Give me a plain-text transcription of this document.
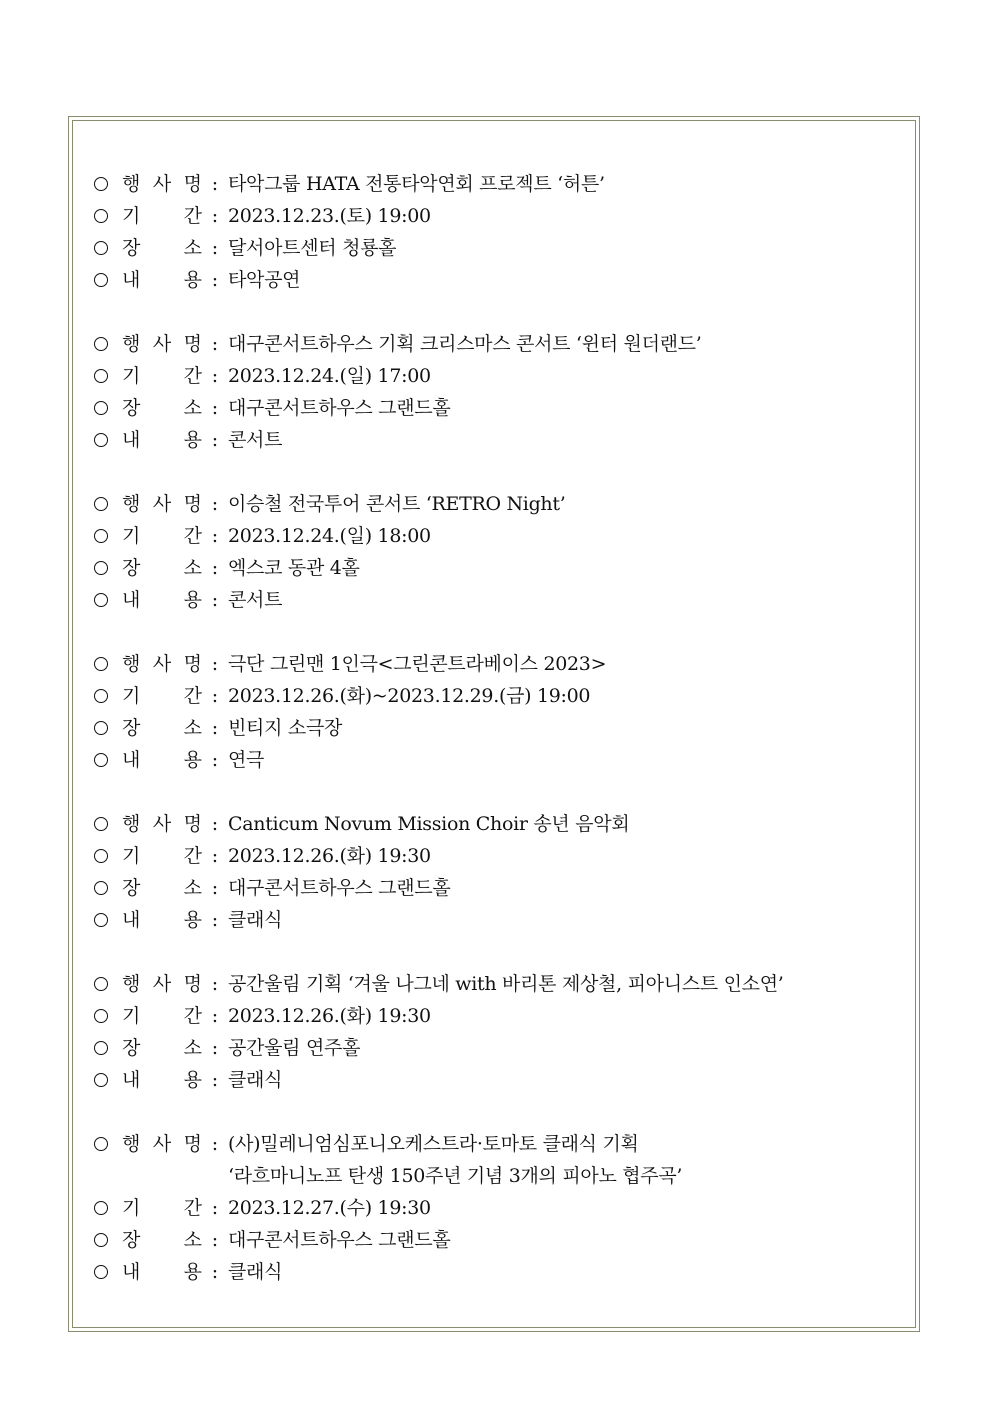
행 사 명 : 타악그룹 HATA 전통타악연회 프로젝트 ‘허튼’
기 간 : 2023.12.23.(토) 19:00
장 소 : 달서아트센터 청룡홀
내 용 : 타악공연
행 사 명 : 대구콘서트하우스 기획 크리스마스 콘서트 ‘윈터 원더랜드’
기 간 : 2023.12.24.(일) 17:00
장 소 : 대구콘서트하우스 그랜드홀
내 용 : 콘서트
행 사 명 : 이승철 전국투어 콘서트 ‘RETRO Night’
기 간 : 2023.12.24.(일) 18:00
장 소 : 엑스코 동관 4홀
내 용 : 콘서트
행 사 명 : 극단 그린맨 1인극<그린콘트라베이스 2023>
기 간 : 2023.12.26.(화)~2023.12.29.(금) 19:00
장 소 : 빈티지 소극장
내 용 : 연극
행 사 명 : Canticum Novum Mission Choir 송년 음악회
기 간 : 2023.12.26.(화) 19:30
장 소 : 대구콘서트하우스 그랜드홀
내 용 : 클래식
행 사 명 : 공간울림 기획 ‘겨울 나그네 with 바리톤 제상철, 피아니스트 인소연’
기 간 : 2023.12.26.(화) 19:30
장 소 : 공간울림 연주홀
내 용 : 클래식
행 사 명 : (사)밀레니엄심포니오케스트라·토마토 클래식 기획
‘라흐마니노프 탄생 150주년 기념 3개의 피아노 협주곡’
기 간 : 2023.12.27.(수) 19:30
장 소 : 대구콘서트하우스 그랜드홀
내 용 : 클래식
